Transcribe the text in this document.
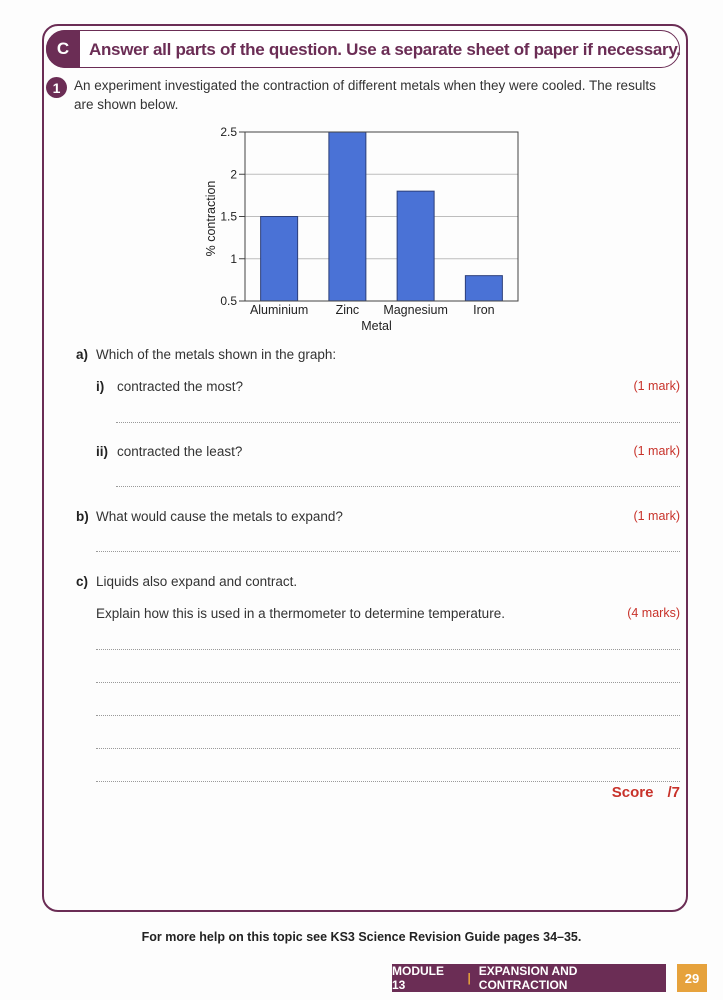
C	Answer all parts of the question. Use a separate sheet of paper if necessary.
1	An experiment investigated the contraction of different metals when they were cooled. The results are shown below.
0.5
1
1.5
2
2.5
Aluminium Zinc Magnesium Iron
Metal
% contraction
a) Which of the metals shown in the graph:
i) contracted the most?	(1 mark)
ii) contracted the least?	(1 mark)
b) What would cause the metals to expand?	(1 mark)
c) Liquids also expand and contract.
Explain how this is used in a thermometer to determine temperature.	(4 marks)
Score /7
For more help on this topic see KS3 Science Revision Guide pages 34–35.
MODULE 13	| EXPANSION AND CONTRACTION	29
